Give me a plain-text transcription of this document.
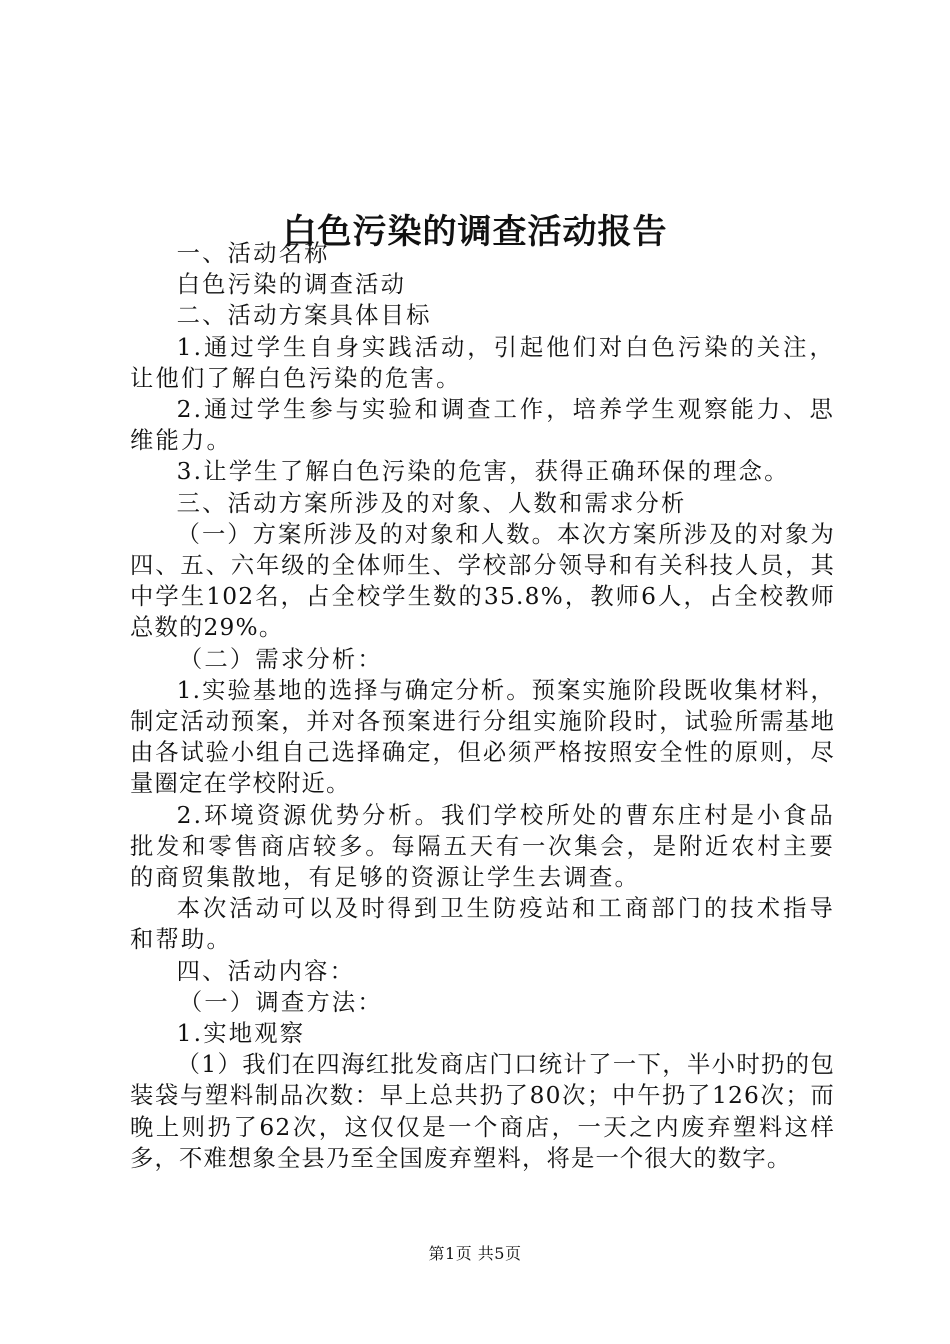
白色污染的调查活动报告

一、活动名称

白色污染的调查活动

二、活动方案具体目标

1.通过学生自身实践活动，引起他们对白色污染的关注，让他们了解白色污染的危害。

2.通过学生参与实验和调查工作，培养学生观察能力、思维能力。

3.让学生了解白色污染的危害，获得正确环保的理念。

三、活动方案所涉及的对象、人数和需求分析

（一）方案所涉及的对象和人数。本次方案所涉及的对象为四、五、六年级的全体师生、学校部分领导和有关科技人员，其中学生102名，占全校学生数的35.8%，教师6人，占全校教师总数的29%。

（二）需求分析：

1.实验基地的选择与确定分析。预案实施阶段既收集材料，制定活动预案，并对各预案进行分组实施阶段时，试验所需基地由各试验小组自己选择确定，但必须严格按照安全性的原则，尽量圈定在学校附近。

2.环境资源优势分析。我们学校所处的曹东庄村是小食品批发和零售商店较多。每隔五天有一次集会，是附近农村主要的商贸集散地，有足够的资源让学生去调查。

本次活动可以及时得到卫生防疫站和工商部门的技术指导和帮助。

四、活动内容：

（一）调查方法：

1.实地观察

（1）我们在四海红批发商店门口统计了一下，半小时扔的包装袋与塑料制品次数：早上总共扔了80次；中午扔了126次；而晚上则扔了62次，这仅仅是一个商店，一天之内废弃塑料这样多，不难想象全县乃至全国废弃塑料，将是一个很大的数字。

第1页 共5页
